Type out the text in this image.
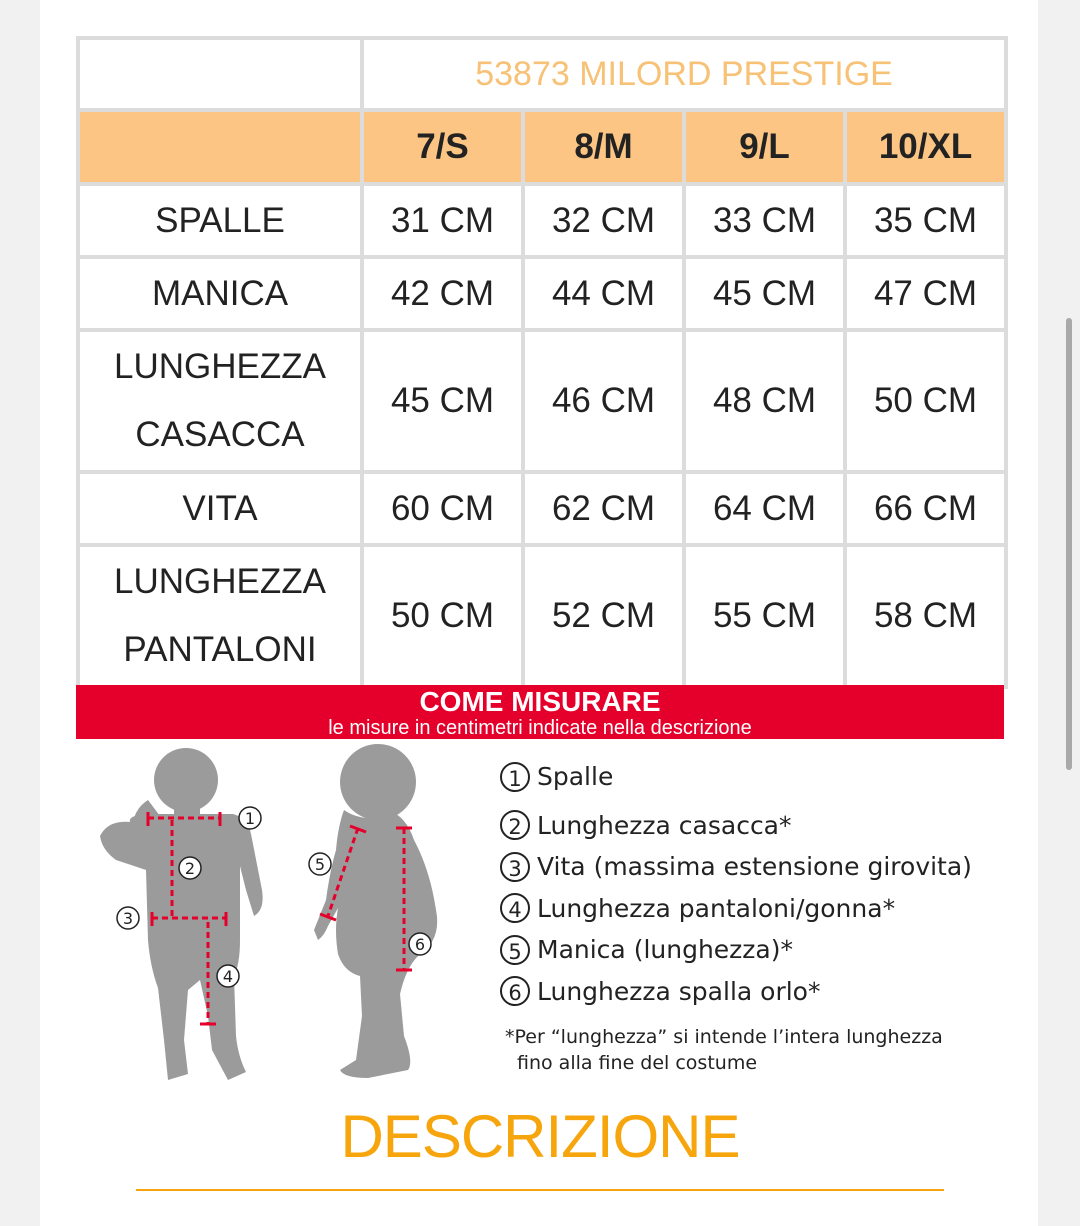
	53873 MILORD PRESTIGE			
	7/S	8/M	9/L	10/XL
SPALLE	31 CM	32 CM	33 CM	35 CM
MANICA	42 CM	44 CM	45 CM	47 CM

LUNGHEZZA
CASACCA	45 CM	46 CM	48 CM	50 CM
VITA	60 CM	62 CM	64 CM	66 CM

LUNGHEZZA
PANTALONI	50 CM	52 CM	55 CM	58 CM
COME MISURARE
le misure in centimetri indicate nella descrizione
1
2
3
4
5
6
1 Spalle
2 Lunghezza casacca*
3 Vita (massima estensione girovita)
4 Lunghezza pantaloni/gonna*
5 Manica (lunghezza)*
6 Lunghezza spalla orlo*
*Per “lunghezza” si intende l’intera lunghezza
fino alla fine del costume
DESCRIZIONE
